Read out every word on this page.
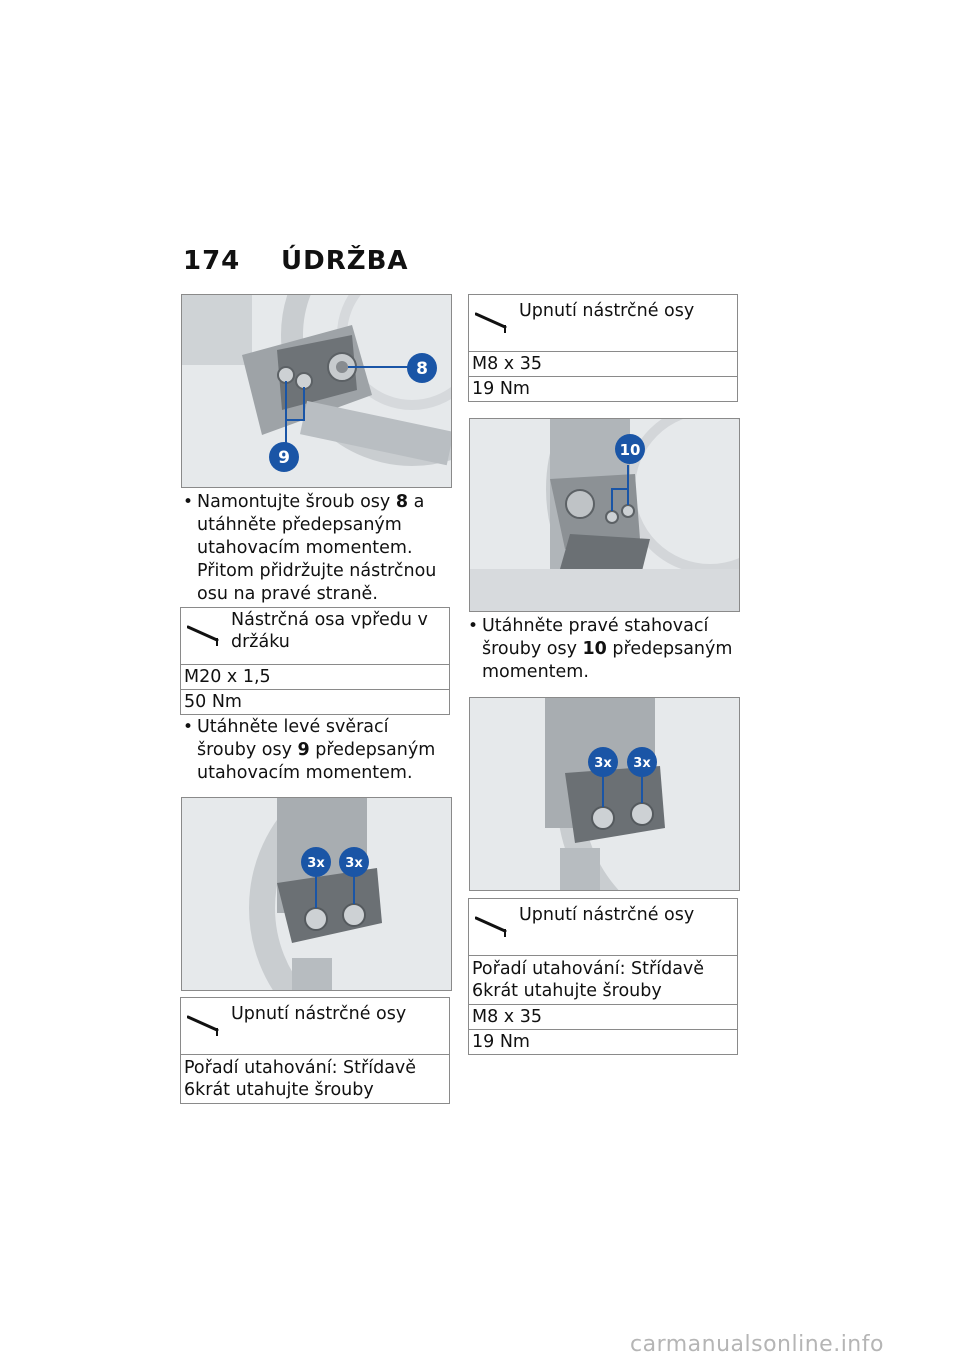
174 ÚDRŽBA
8
9
• Namontujte šroub osy 8 a utáhněte předepsaným utahovacím momentem. Přitom přidržujte nástrčnou osu na pravé straně.
Nástrčná osa vpředu v držáku
M20 x 1,5
50 Nm
• Utáhněte levé svěrací šrouby osy 9 předepsaným utahovacím momentem.
3x 3x
Upnutí nástrčné osy
Pořadí utahování: Střídavě 6krát utahujte šrouby
Upnutí nástrčné osy
M8 x 35
19 Nm
10
• Utáhněte pravé stahovací šrouby osy 10 předepsaným momentem.
3x 3x
Upnutí nástrčné osy
Pořadí utahování: Střídavě 6krát utahujte šrouby
M8 x 35
19 Nm
carmanualsonline.info
